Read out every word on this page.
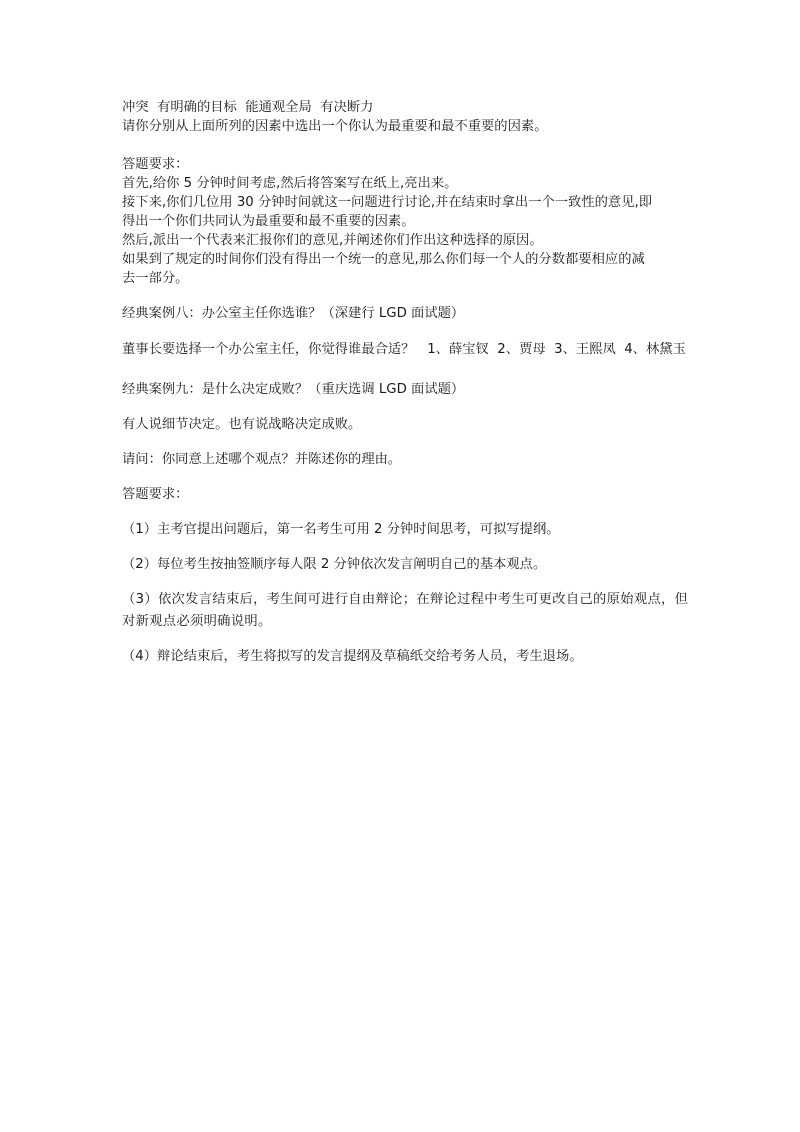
冲突  有明确的目标  能通观全局  有决断力

请你分别从上面所列的因素中选出一个你认为最重要和最不重要的因素。

答题要求：

首先,给你 5 分钟时间考虑,然后将答案写在纸上,亮出来。

接下来,你们几位用 30 分钟时间就这一问题进行讨论,并在结束时拿出一个一致性的意见,即

得出一个你们共同认为最重要和最不重要的因素。

然后,派出一个代表来汇报你们的意见,并阐述你们作出这种选择的原因。

如果到了规定的时间你们没有得出一个统一的意见,那么你们每一个人的分数都要相应的减

去一部分。

经典案例八：办公室主任你选谁？（深建行 LGD 面试题）

董事长要选择一个办公室主任，你觉得谁最合适？   1、薛宝钗  2、贾母  3、王熙凤  4、林黛玉

经典案例九：是什么决定成败？（重庆选调 LGD 面试题）

有人说细节决定。也有说战略决定成败。

请问：你同意上述哪个观点？并陈述你的理由。

答题要求：

（1）主考官提出问题后，第一名考生可用 2 分钟时间思考，可拟写提纲。

（2）每位考生按抽签顺序每人限 2 分钟依次发言阐明自己的基本观点。

（3）依次发言结束后，考生间可进行自由辩论；在辩论过程中考生可更改自己的原始观点，但对新观点必须明确说明。

（4）辩论结束后，考生将拟写的发言提纲及草稿纸交给考务人员，考生退场。
